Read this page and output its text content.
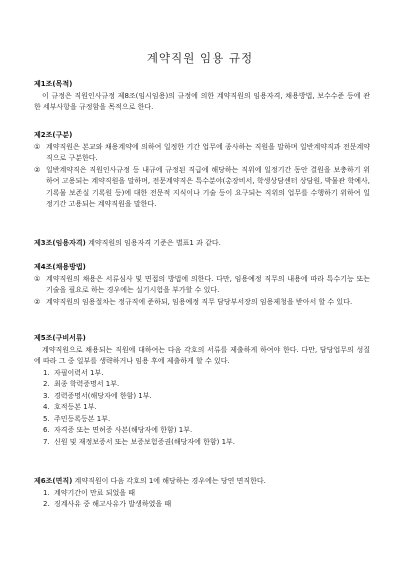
계약직원 임용 규정
제1조(목적)
이 규정은 직원인사규정 제8조(임시임용)의 규정에 의한 계약직원의 임용자격, 채용방법, 보수수준 등에 관한 세부사항을 규정함을 목적으로 한다.
제2조(구분)
① 계약직원은 본교와 채용계약에 의하여 일정한 기간 업무에 종사하는 직원을 말하며 일반계약직과 전문계약직으로 구분한다.
② 일반계약직은 직원인사규정 등 내규에 규정된 직급에 해당하는 직위에 일정기간 동안 결원을 보충하기 위하여 고용되는 계약직원을 말하며, 전문계약직은 특수분야(총장비서, 학생상담센터 상담원, 박물관 학예사, 기록물 보존실 기록원 등)에 대한 전문적 지식이나 기술 등이 요구되는 직위의 업무를 수행하기 위하여 일정기간 고용되는 계약직원을 말한다.
제3조(임용자격) 계약직원의 임용자격 기준은 별표1 과 같다.
제4조(채용방법)
① 계약직원의 채용은 서류심사 및 면접의 방법에 의한다. 다만, 임용예정 직무의 내용에 따라 특수기능 또는 기술을 필요로 하는 경우에는 실기시험을 부가할 수 있다.
② 계약직원의 임용절차는 정규직에 준하되, 임용예정 직무 담당부서장의 임용제청을 받아서 할 수 있다.
제5조(구비서류)
계약직원으로 채용되는 직원에 대하여는 다음 각호의 서류를 제출하게 하여야 한다. 다만, 담당업무의 성질에 따라 그 중 일부를 생략하거나 임용 후에 제출하게 할 수 있다.
1. 자필이력서 1부.
2. 최종 학력증명서 1부.
3. 경력증명서(해당자에 한함) 1부.
4. 호적등본 1부.
5. 주민등록등본 1부.
6. 자격증 또는 면허증 사본(해당자에 한함) 1부.
7. 신원 및 재정보증서 또는 보증보험증권(해당자에 한함) 1부.
제6조(면직) 계약직원이 다음 각호의 1에 해당하는 경우에는 당연 면직한다.
1. 계약기간이 만료 되었을 때
2. 징계사유 중 해고사유가 발생하였을 때
